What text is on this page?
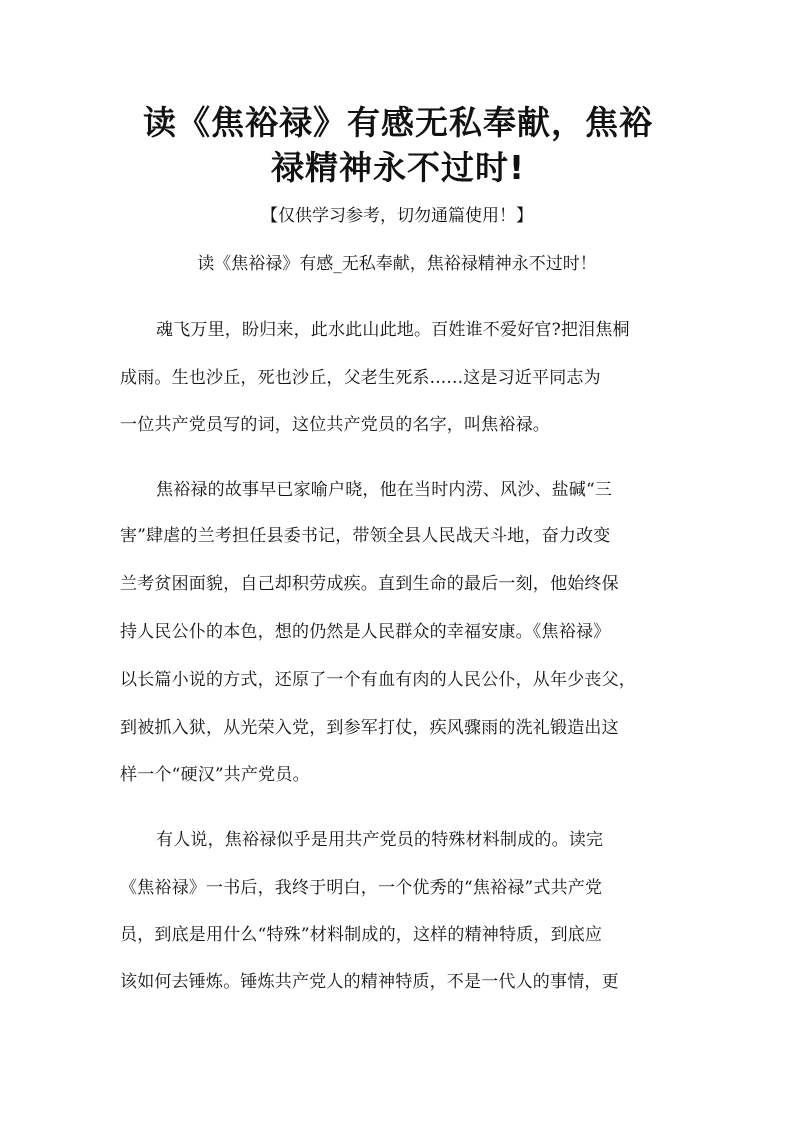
读《焦裕禄》有感无私奉献，焦裕
禄精神永不过时!
【仅供学习参考，切勿通篇使用！】
读《焦裕禄》有感_无私奉献，焦裕禄精神永不过时！
魂飞万里，盼归来，此水此山此地。百姓谁不爱好官?把泪焦桐
成雨。生也沙丘，死也沙丘，父老生死系......这是习近平同志为
一位共产党员写的词，这位共产党员的名字，叫焦裕禄。
焦裕禄的故事早已家喻户晓，他在当时内涝、风沙、盐碱“三
害”肆虐的兰考担任县委书记，带领全县人民战天斗地，奋力改变
兰考贫困面貌，自己却积劳成疾。直到生命的最后一刻，他始终保
持人民公仆的本色，想的仍然是人民群众的幸福安康。《焦裕禄》
以长篇小说的方式，还原了一个有血有肉的人民公仆，从年少丧父，
到被抓入狱，从光荣入党，到参军打仗，疾风骤雨的洗礼锻造出这
样一个“硬汉”共产党员。
有人说，焦裕禄似乎是用共产党员的特殊材料制成的。读完
《焦裕禄》一书后，我终于明白，一个优秀的“焦裕禄”式共产党
员，到底是用什么“特殊”材料制成的，这样的精神特质，到底应
该如何去锤炼。锤炼共产党人的精神特质，不是一代人的事情，更
